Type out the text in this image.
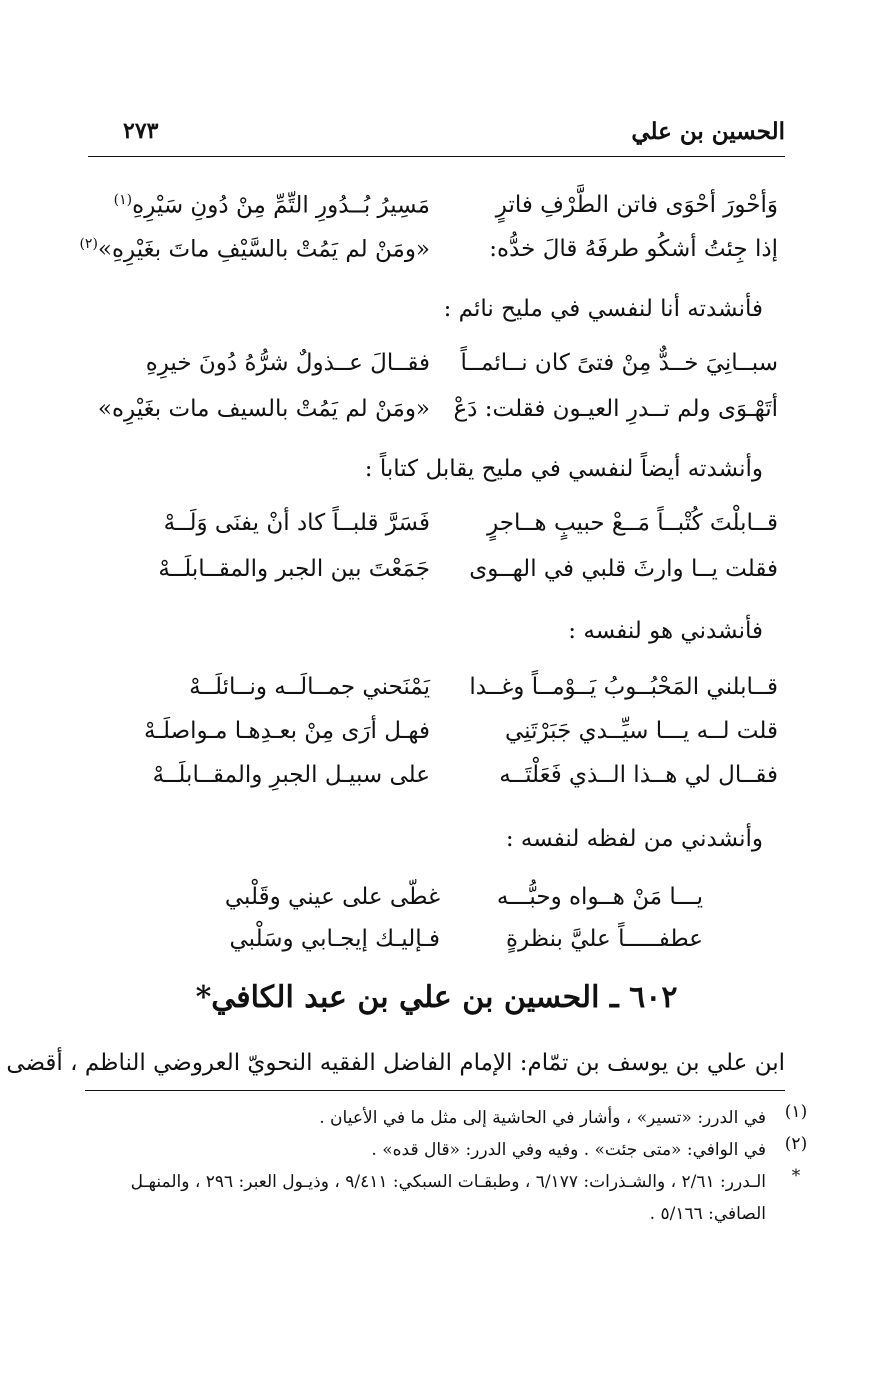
الحسين بن علي
٢٧٣
وَأحْورَ أحْوَى فاتن الطَّرْفِ فاترٍ
مَسِيرُ بُــدُورِ التِّمِّ مِنْ دُونِ سَيْرِهِ$^{(١)}$
إذا جِئتُ أشكُو طرفَهُ قالَ خدُّه:
«ومَنْ لم يَمُتْ بالسَّيْفِ ماتَ بغَيْرِهِ»$^{(٢)}$
فأنشدته أنا لنفسي في مليح نائم :
سبــانِيَ خــدٌّ مِنْ فتىً كان نــائمــاً
فقــالَ عــذولٌ شرُّهُ دُونَ خيرِهِ
أتَهْـوَى ولم تــدرِ العيـون فقلت: دَعْ
«ومَنْ لم يَمُتْ بالسيف مات بغَيْرِه»
وأنشدته أيضاً لنفسي في مليح يقابل كتاباً :
قــابلْتَ كُتْبــاً مَــعْ حبيبٍ هــاجرٍ
فَسَرَّ قلبــاً كاد أنْ يفنَى وَلَــهْ
فقلت يــا وارثَ قلبي في الهــوى
جَمَعْتَ بين الجبر والمقــابلَــهْ
فأنشدني هو لنفسه :
قــابلني المَحْبُــوبُ يَــوْمــاً وغــدا
يَمْنَحني جمــالَــه ونــائلَــهْ
قلت لــه يـــا سيِّــدي جَبَرْتَنِي
فهـل أرَى مِنْ بعـدِهـا مـواصلَـهْ
فقــال لي هــذا الــذي فَعَلْتَــه
على سبيـل الجبرِ والمقــابلَــهْ
وأنشدني من لفظه لنفسه :
يـــا مَنْ هــواه وحبُّـــه
غطّى على عيني وقَلْبي
عطفـــــاً عليَّ بنظرةٍ
فـإليـك إيجـابي وسَلْبي
٦٠٢ ـ الحسين بن علي بن عبد الكافي*
ابن علي بن يوسف بن تمّام: الإمام الفاضل الفقيه النحويّ العروضي الناظم ، أقضى
(١)
في الدرر: «تسير» ، وأشار في الحاشية إلى مثل ما في الأعيان .
(٢)
في الوافي: «متى جئت» . وفيه وفي الدرر: «قال قده» .
*
الـدرر: ٢/٦١ ، والشـذرات: ٦/١٧٧ ، وطبقـات السبكي: ٩/٤١١ ، وذيـول العبر: ٢٩٦ ، والمنهـل الصافي: ٥/١٦٦ .
